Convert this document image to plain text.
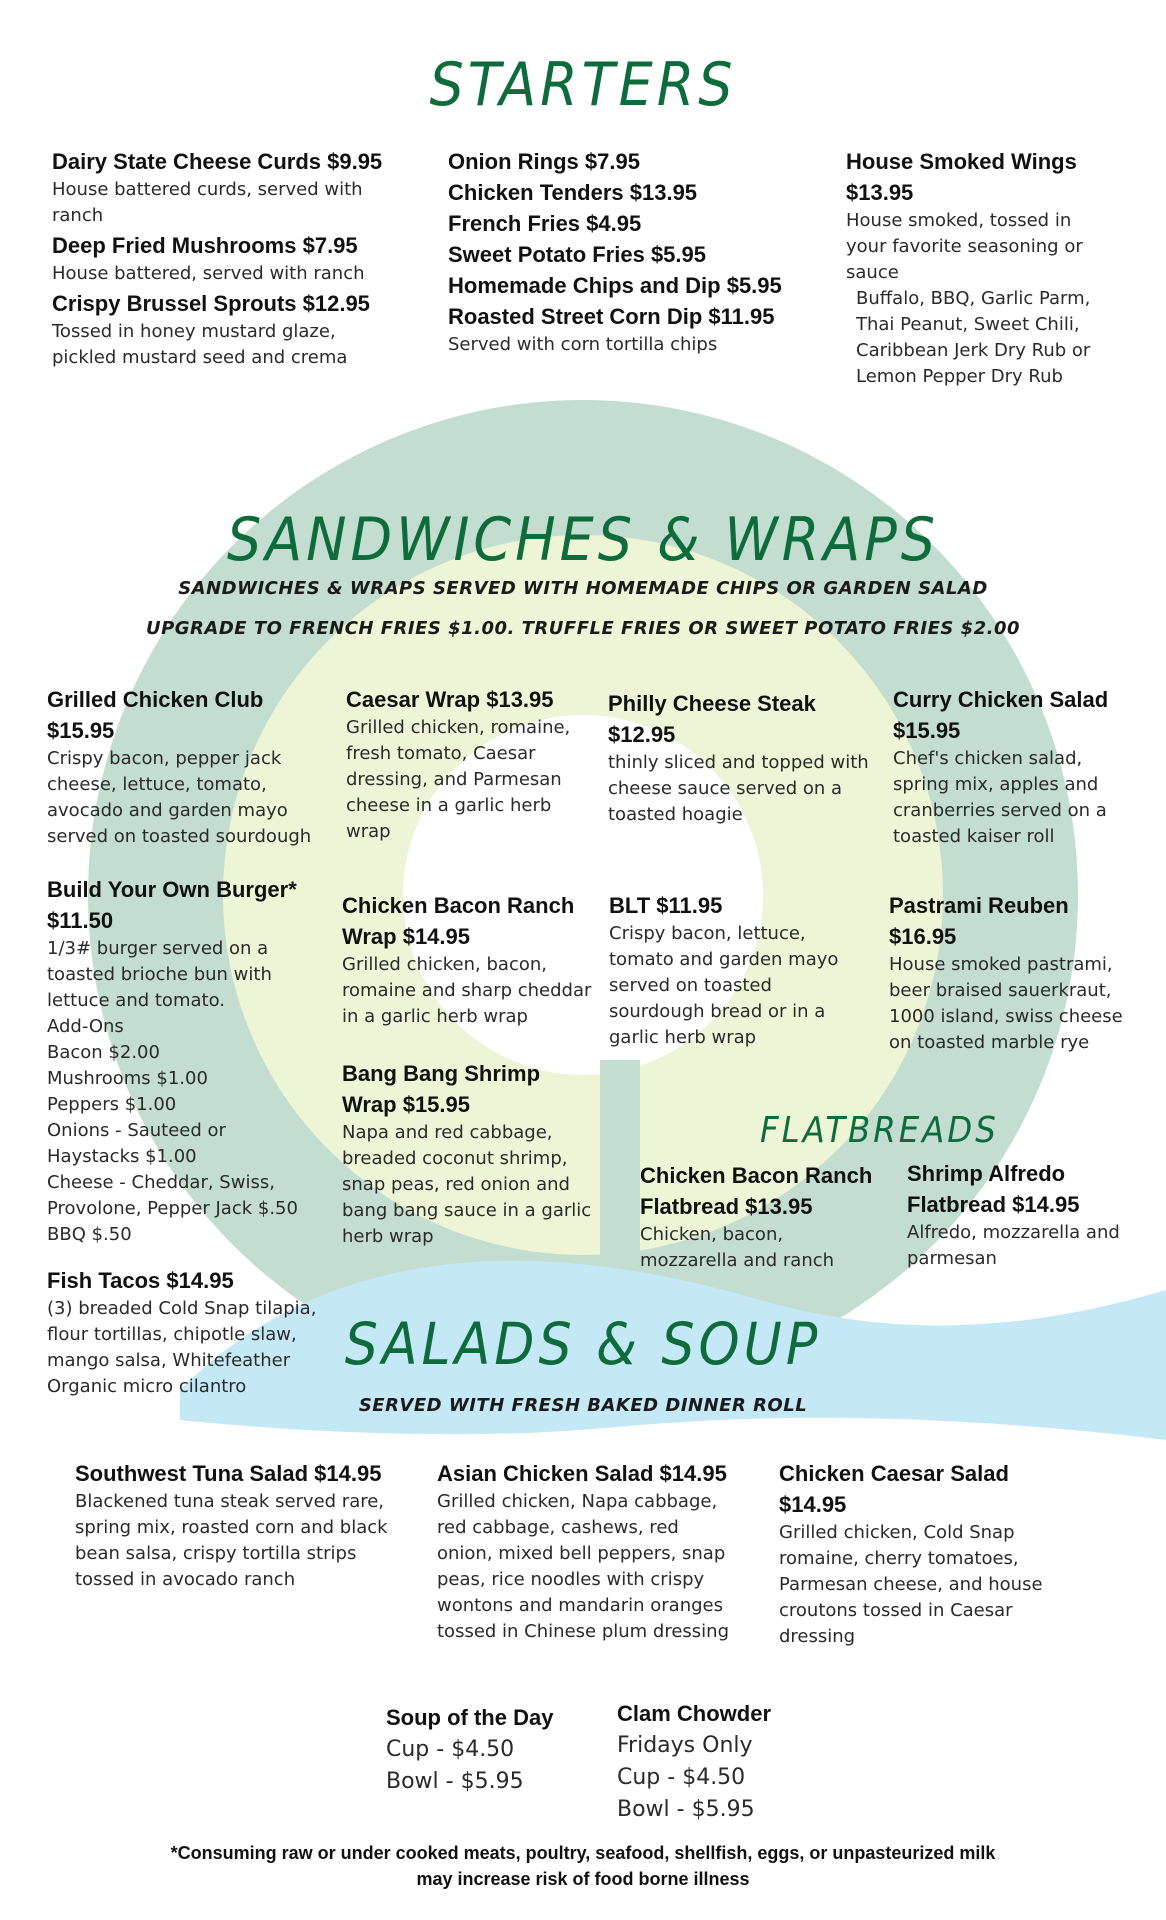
STARTERS
Dairy State Cheese Curds $9.95
House battered curds, served with ranch
Deep Fried Mushrooms $7.95
House battered, served with ranch
Crispy Brussel Sprouts $12.95
Tossed in honey mustard glaze, pickled mustard seed and crema
Onion Rings $7.95
Chicken Tenders $13.95
French Fries $4.95
Sweet Potato Fries $5.95
Homemade Chips and Dip $5.95
Roasted Street Corn Dip $11.95
Served with corn tortilla chips
House Smoked Wings $13.95
House smoked, tossed in your favorite seasoning or sauce
Buffalo, BBQ, Garlic Parm, Thai Peanut, Sweet Chili, Caribbean Jerk Dry Rub or Lemon Pepper Dry Rub
SANDWICHES & WRAPS
SANDWICHES & WRAPS SERVED WITH HOMEMADE CHIPS OR GARDEN SALAD
UPGRADE TO FRENCH FRIES $1.00. TRUFFLE FRIES OR SWEET POTATO FRIES $2.00
Grilled Chicken Club $15.95
Crispy bacon, pepper jack cheese, lettuce, tomato, avocado and garden mayo served on toasted sourdough
Caesar Wrap $13.95
Grilled chicken, romaine, fresh tomato, Caesar dressing, and Parmesan cheese in a garlic herb wrap
Philly Cheese Steak $12.95
thinly sliced and topped with cheese sauce served on a toasted hoagie
Curry Chicken Salad $15.95
Chef's chicken salad, spring mix, apples and cranberries served on a toasted kaiser roll
Build Your Own Burger* $11.50
1/3# burger served on a toasted brioche bun with lettuce and tomato.
Add-Ons
Bacon $2.00
Mushrooms $1.00
Peppers $1.00
Onions - Sauteed or Haystacks $1.00
Cheese - Cheddar, Swiss, Provolone, Pepper Jack $.50
BBQ $.50
Chicken Bacon Ranch Wrap $14.95
Grilled chicken, bacon, romaine and sharp cheddar in a garlic herb wrap
BLT $11.95
Crispy bacon, lettuce, tomato and garden mayo served on toasted sourdough bread or in a garlic herb wrap
Pastrami Reuben $16.95
House smoked pastrami, beer braised sauerkraut, 1000 island, swiss cheese on toasted marble rye
Bang Bang Shrimp Wrap $15.95
Napa and red cabbage, breaded coconut shrimp, snap peas, red onion and bang bang sauce in a garlic herb wrap
Fish Tacos $14.95
(3) breaded Cold Snap tilapia, flour tortillas, chipotle slaw, mango salsa, Whitefeather Organic micro cilantro
FLATBREADS
Chicken Bacon Ranch Flatbread $13.95
Chicken, bacon, mozzarella and ranch
Shrimp Alfredo Flatbread $14.95
Alfredo, mozzarella and parmesan
SALADS & SOUP
SERVED WITH FRESH BAKED DINNER ROLL
Southwest Tuna Salad $14.95
Blackened tuna steak served rare, spring mix, roasted corn and black bean salsa, crispy tortilla strips tossed in avocado ranch
Asian Chicken Salad $14.95
Grilled chicken, Napa cabbage, red cabbage, cashews, red onion, mixed bell peppers, snap peas, rice noodles with crispy wontons and mandarin oranges tossed in Chinese plum dressing
Chicken Caesar Salad $14.95
Grilled chicken, Cold Snap romaine, cherry tomatoes, Parmesan cheese, and house croutons tossed in Caesar dressing
Soup of the Day
Cup - $4.50
Bowl - $5.95
Clam Chowder
Fridays Only
Cup - $4.50
Bowl - $5.95
*Consuming raw or under cooked meats, poultry, seafood, shellfish, eggs, or unpasteurized milk
may increase risk of food borne illness
